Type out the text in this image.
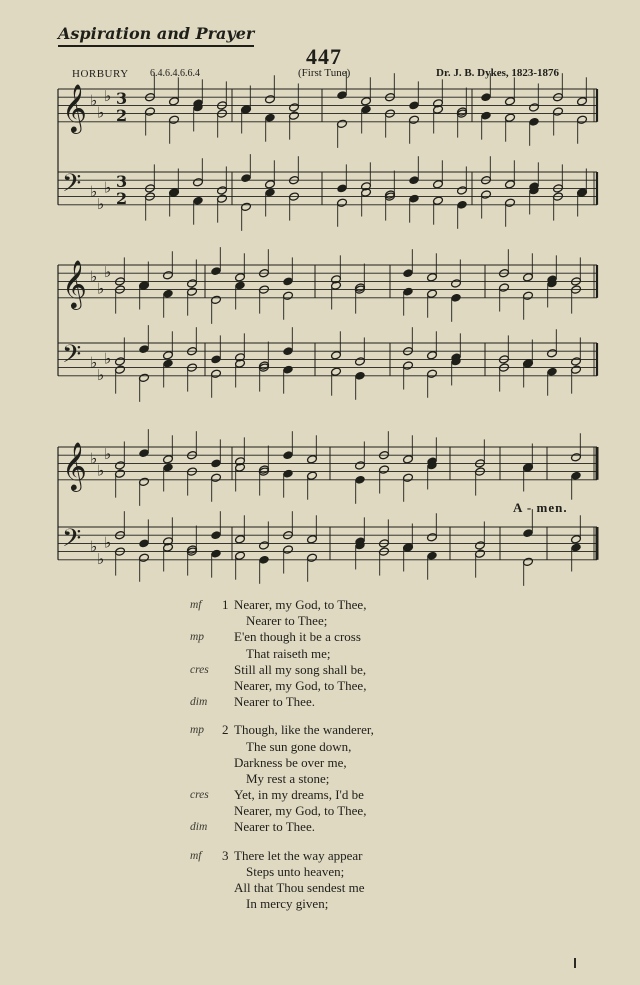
Aspiration and Prayer
447
HORBURY 6.4.6.4.6.6.4	(First Tune)	Dr. J. B. Dykes, 1823-1876
𝄞 ♭
♭
♭ 3
2
𝄢 ♭
♭
♭ 3
2
𝄞 ♭
♭
♭
𝄢 ♭
♭
♭
𝄞 ♭
♭
♭
𝄢 ♭
♭
♭
A - men.
mf	1 Nearer, my God, to Thee,
Nearer to Thee;
mp	E'en though it be a cross
That raiseth me;
cres	Still all my song shall be,
Nearer, my God, to Thee,
dim	Nearer to Thee.
mp	2 Though, like the wanderer,
The sun gone down,
Darkness be over me,
My rest a stone;
cres	Yet, in my dreams, I'd be
Nearer, my God, to Thee,
dim	Nearer to Thee.
mf	3 There let the way appear
Steps unto heaven;
All that Thou sendest me
In mercy given;
